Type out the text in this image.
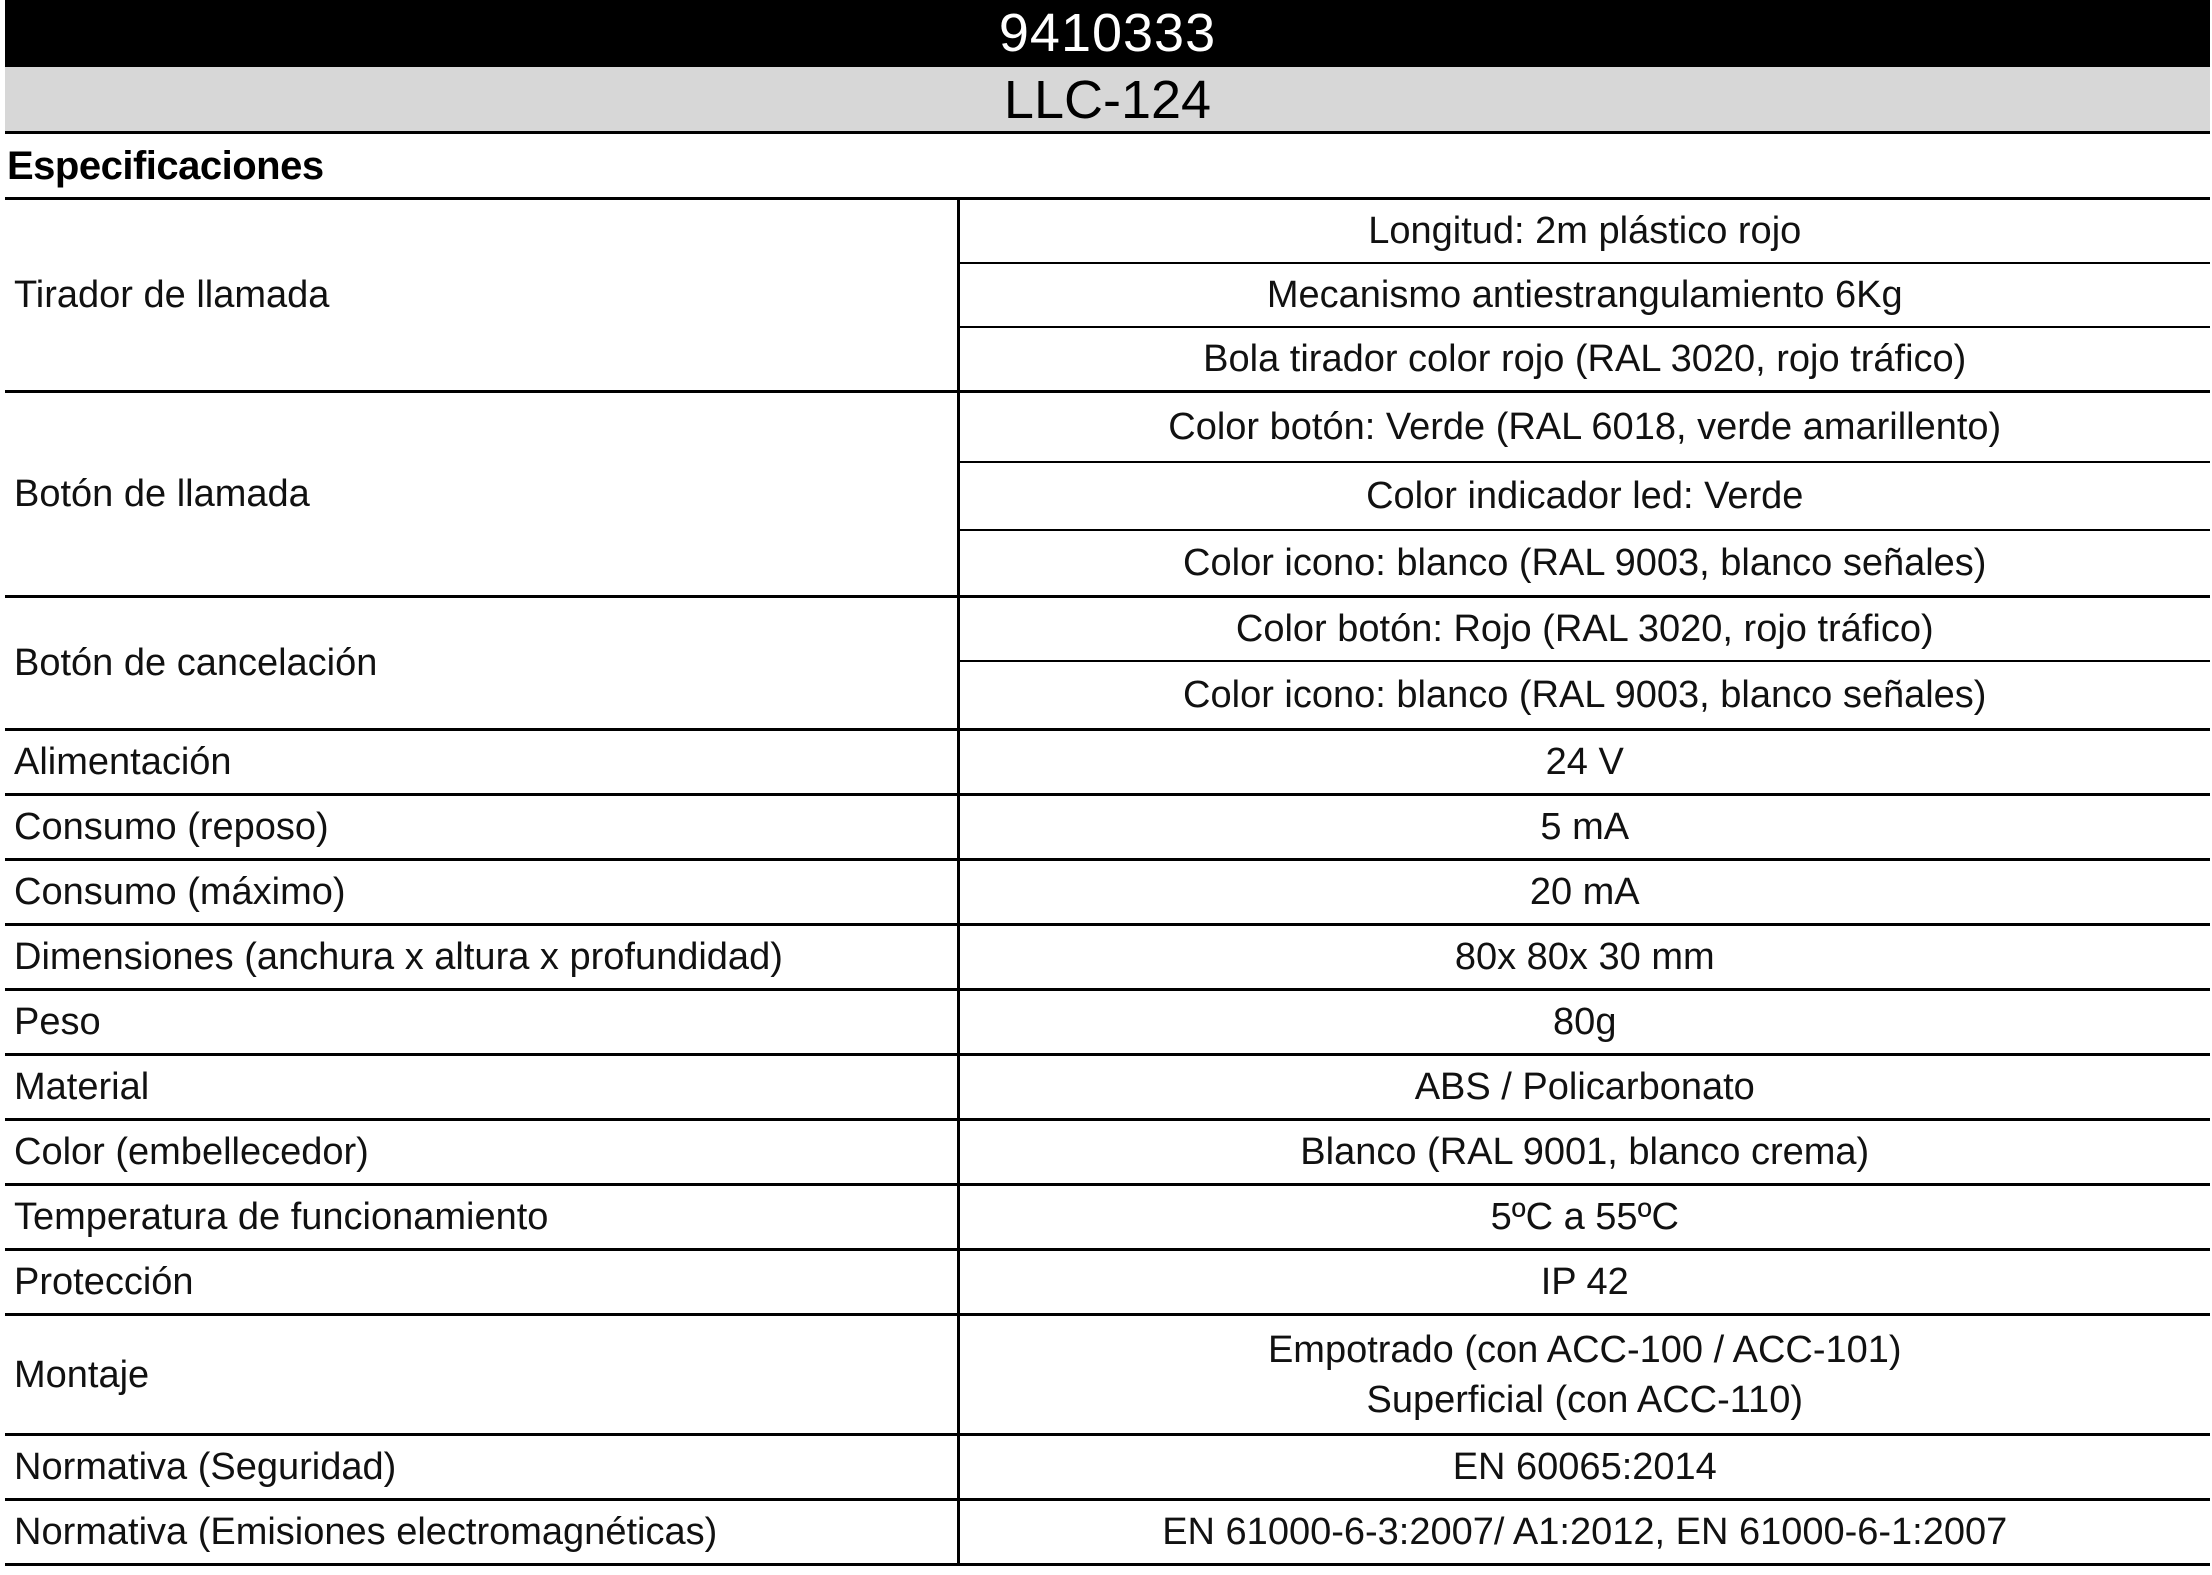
9410333
LLC-124
Especificaciones
Tirador de llamada	Longitud: 2m plástico rojo
	Mecanismo antiestrangulamiento 6Kg
	Bola tirador color rojo (RAL 3020, rojo tráfico)
Botón de llamada	Color botón: Verde (RAL 6018, verde amarillento)
	Color indicador led: Verde
	Color icono: blanco (RAL 9003, blanco señales)
Botón de cancelación	Color botón: Rojo (RAL 3020, rojo tráfico)
	Color icono: blanco (RAL 9003, blanco señales)
Alimentación	24 V
Consumo (reposo)	5 mA
Consumo (máximo)	20 mA
Dimensiones (anchura x altura x profundidad)	80x 80x 30 mm
Peso	80g
Material	ABS / Policarbonato
Color (embellecedor)	Blanco (RAL 9001, blanco crema)
Temperatura de funcionamiento	5ºC a 55ºC
Protección	IP 42
Montaje	Empotrado (con ACC-100 / ACC-101)
Superficial (con ACC-110)

Normativa (Seguridad)	EN 60065:2014
Normativa (Emisiones electromagnéticas)	EN 61000-6-3:2007/ A1:2012, EN 61000-6-1:2007
